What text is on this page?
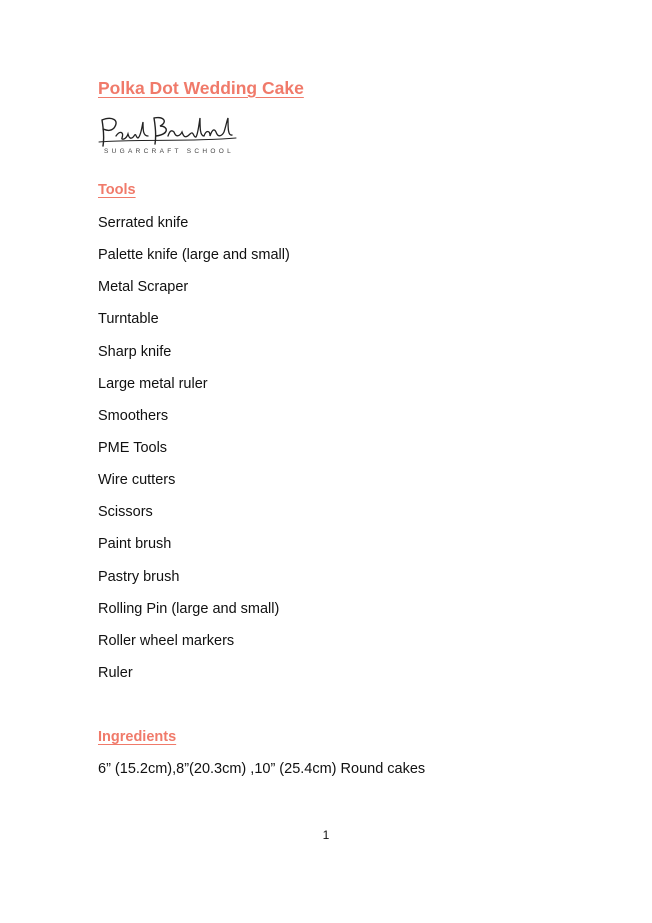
Polka Dot Wedding Cake
SUGARCRAFT SCHOOL
Tools
Serrated knife
Palette knife (large and small)
Metal Scraper
Turntable
Sharp knife
Large metal ruler
Smoothers
PME Tools
Wire cutters
Scissors
Paint brush
Pastry brush
Rolling Pin (large and small)
Roller wheel markers
Ruler
Ingredients
6” (15.2cm),8”(20.3cm) ,10” (25.4cm) Round cakes
1
